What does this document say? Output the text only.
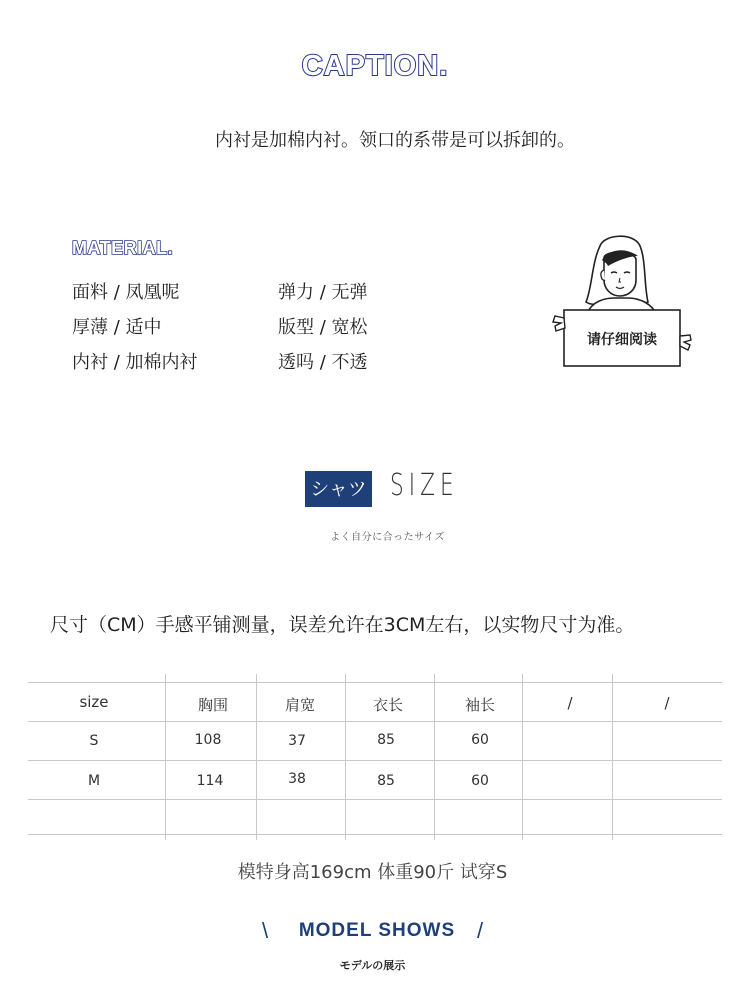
CAPTION.
内衬是加棉内衬。领口的系带是可以拆卸的。
MATERIAL.
面料 / 凤凰呢	弹力 / 无弹
厚薄 / 适中	版型 / 宽松
内衬 / 加棉内衬	透吗 / 不透
请仔细阅读
シャツ SIZE
よく自分に合ったサイズ
尺寸（CM）手感平铺测量，误差允许在3CM左右，以实物尺寸为准。
size	胸围	肩宽	衣长	袖长	/	/
S	108	37	85	60
M	114	38	85	60
模特身高169cm 体重90斤 试穿S
\	MODEL SHOWS /
モデルの展示
